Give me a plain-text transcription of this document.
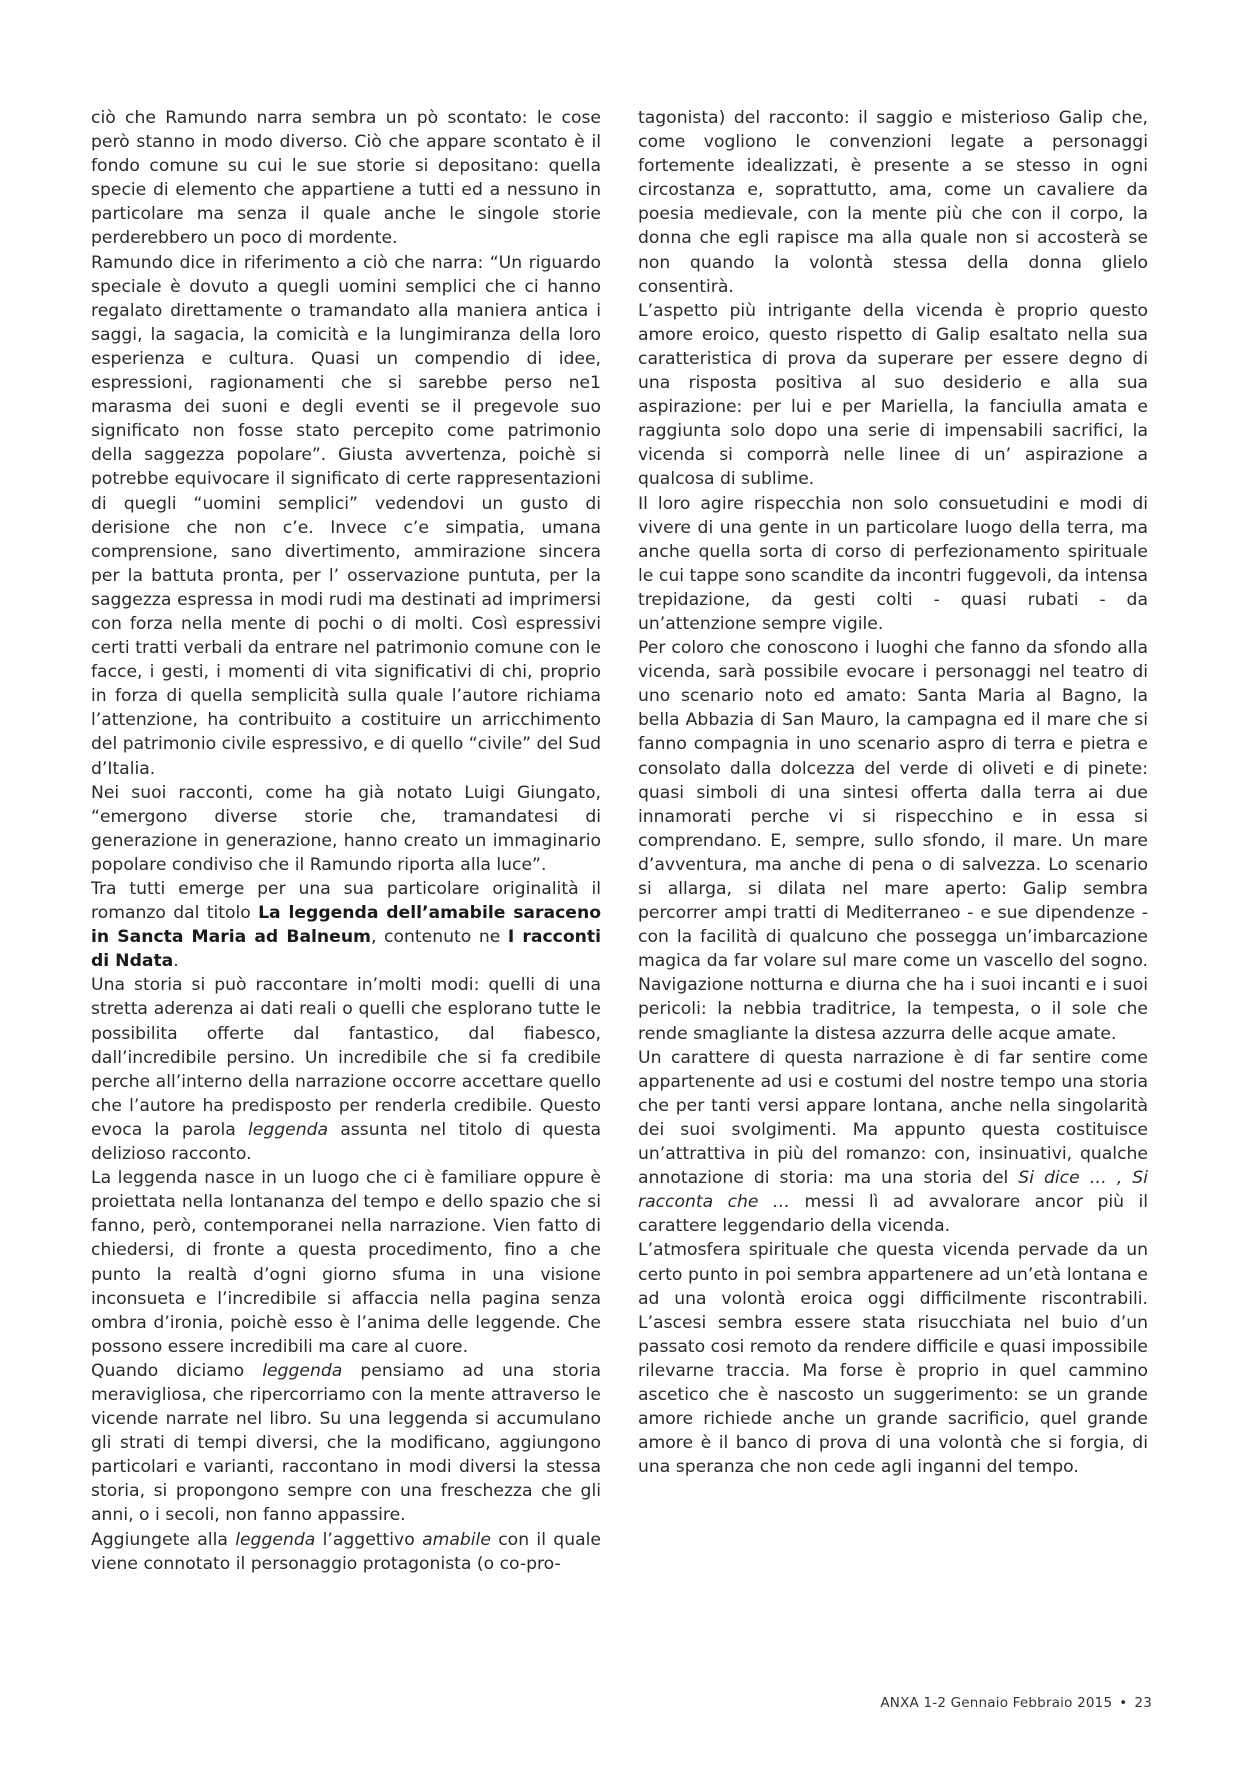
ciò che Ramundo narra sembra un pò scontato: le cose però stanno in modo diverso. Ciò che appare scontato è il fondo comune su cui le sue storie si depositano: quella specie di elemento che appartiene a tutti ed a nessuno in particolare ma senza il quale anche le singole storie perderebbero un poco di mordente.

Ramundo dice in riferimento a ciò che narra: “Un riguardo speciale è dovuto a quegli uomini semplici che ci hanno regalato direttamente o tramandato alla maniera antica i saggi, la sagacia, la comicità e la lungimiranza della loro esperienza e cultura. Quasi un compendio di idee, espressioni, ragionamenti che si sarebbe perso ne1 marasma dei suoni e degli eventi se il pregevole suo significato non fosse stato percepito come patrimonio della saggezza popolare”. Giusta avvertenza, poichè si potrebbe equivocare il significato di certe rappresentazioni di quegli “uomini semplici” vedendovi un gusto di derisione che non c’e. Invece c’e simpatia, umana comprensione, sano divertimento, ammirazione sincera per la battuta pronta, per l’ osservazione puntuta, per la saggezza espressa in modi rudi ma destinati ad imprimersi con forza nella mente di pochi o di molti. Così espressivi certi tratti verbali da entrare nel patrimonio comune con le facce, i gesti, i momenti di vita significativi di chi, proprio in forza di quella semplicità sulla quale l’autore richiama l’attenzione, ha contribuito a costituire un arricchimento del patrimonio civile espressivo, e di quello “civile” del Sud d’Italia.

Nei suoi racconti, come ha già notato Luigi Giungato, “emergono diverse storie che, tramandatesi di generazione in generazione, hanno creato un immaginario popolare condiviso che il Ramundo riporta alla luce”.

Tra tutti emerge per una sua particolare originalità il romanzo dal titolo La leggenda dell’amabile saraceno in Sancta Maria ad Balneum, contenuto ne I racconti di Ndata.

Una storia si può raccontare in’molti modi: quelli di una stretta aderenza ai dati reali o quelli che esplorano tutte le possibilita offerte dal fantastico, dal fiabesco, dall’incredibile persino. Un incredibile che si fa credibile perche all’interno della narrazione occorre accettare quello che l’autore ha predisposto per renderla credibile. Questo evoca la parola leggenda assunta nel titolo di questa delizioso racconto.

La leggenda nasce in un luogo che ci è familiare oppure è proiettata nella lontananza del tempo e dello spazio che si fanno, però, contemporanei nella narrazione. Vien fatto di chiedersi, di fronte a questa procedimento, fino a che punto la realtà d’ogni giorno sfuma in una visione inconsueta e l’incredibile si affaccia nella pagina senza ombra d’ironia, poichè esso è l’anima delle leggende. Che possono essere incredibili ma care al cuore.

Quando diciamo leggenda pensiamo ad una storia meravigliosa, che ripercorriamo con la mente attraverso le vicende narrate nel libro. Su una leggenda si accumulano gli strati di tempi diversi, che la modificano, aggiungono particolari e varianti, raccontano in modi diversi la stessa storia, si propongono sempre con una freschezza che gli anni, o i secoli, non fanno appassire.

Aggiungete alla leggenda l’aggettivo amabile con il quale viene connotato il personaggio protagonista (o co-pro-

tagonista) del racconto: il saggio e misterioso Galip che, come vogliono le convenzioni legate a personaggi fortemente idealizzati, è presente a se stesso in ogni circostanza e, soprattutto, ama, come un cavaliere da poesia medievale, con la mente più che con il corpo, la donna che egli rapisce ma alla quale non si accosterà se non quando la volontà stessa della donna glielo consentirà.

L’aspetto più intrigante della vicenda è proprio questo amore eroico, questo rispetto di Galip esaltato nella sua caratteristica di prova da superare per essere degno di una risposta positiva al suo desiderio e alla sua aspirazione: per lui e per Mariella, la fanciulla amata e raggiunta solo dopo una serie di impensabili sacrifici, la vicenda si comporrà nelle linee di un’ aspirazione a qualcosa di sublime.

Il loro agire rispecchia non solo consuetudini e modi di vivere di una gente in un particolare luogo della terra, ma anche quella sorta di corso di perfezionamento spirituale le cui tappe sono scandite da incontri fuggevoli, da intensa trepidazione, da gesti colti - quasi rubati - da un’attenzione sempre vigile.

Per coloro che conoscono i luoghi che fanno da sfondo alla vicenda, sarà possibile evocare i personaggi nel teatro di uno scenario noto ed amato: Santa Maria al Bagno, la bella Abbazia di San Mauro, la campagna ed il mare che si fanno compagnia in uno scenario aspro di terra e pietra e consolato dalla dolcezza del verde di oliveti e di pinete: quasi simboli di una sintesi offerta dalla terra ai due innamorati perche vi si rispecchino e in essa si comprendano. E, sempre, sullo sfondo, il mare. Un mare d’avventura, ma anche di pena o di salvezza. Lo scenario si allarga, si dilata nel mare aperto: Galip sembra percorrer ampi tratti di Mediterraneo - e sue dipendenze - con la facilità di qualcuno che possegga un’imbarcazione magica da far volare sul mare come un vascello del sogno. Navigazione notturna e diurna che ha i suoi incanti e i suoi pericoli: la nebbia traditrice, la tempesta, o il sole che rende smagliante la distesa azzurra delle acque amate.

Un carattere di questa narrazione è di far sentire come appartenente ad usi e costumi del nostre tempo una storia che per tanti versi appare lontana, anche nella singolarità dei suoi svolgimenti. Ma appunto questa costituisce un’attrattiva in più del romanzo: con, insinuativi, qualche annotazione di storia: ma una storia del Si dice … , Si racconta che … messi lì ad avvalorare ancor più il carattere leggendario della vicenda.

L’atmosfera spirituale che questa vicenda pervade da un certo punto in poi sembra appartenere ad un’età lontana e ad una volontà eroica oggi difficilmente riscontrabili. L’ascesi sembra essere stata risucchiata nel buio d’un passato cosi remoto da rendere difficile e quasi impossibile rilevarne traccia. Ma forse è proprio in quel cammino ascetico che è nascosto un suggerimento: se un grande amore richiede anche un grande sacrificio, quel grande amore è il banco di prova di una volontà che si forgia, di una speranza che non cede agli inganni del tempo.

ANXA 1-2 Gennaio Febbraio 2015 • 23
